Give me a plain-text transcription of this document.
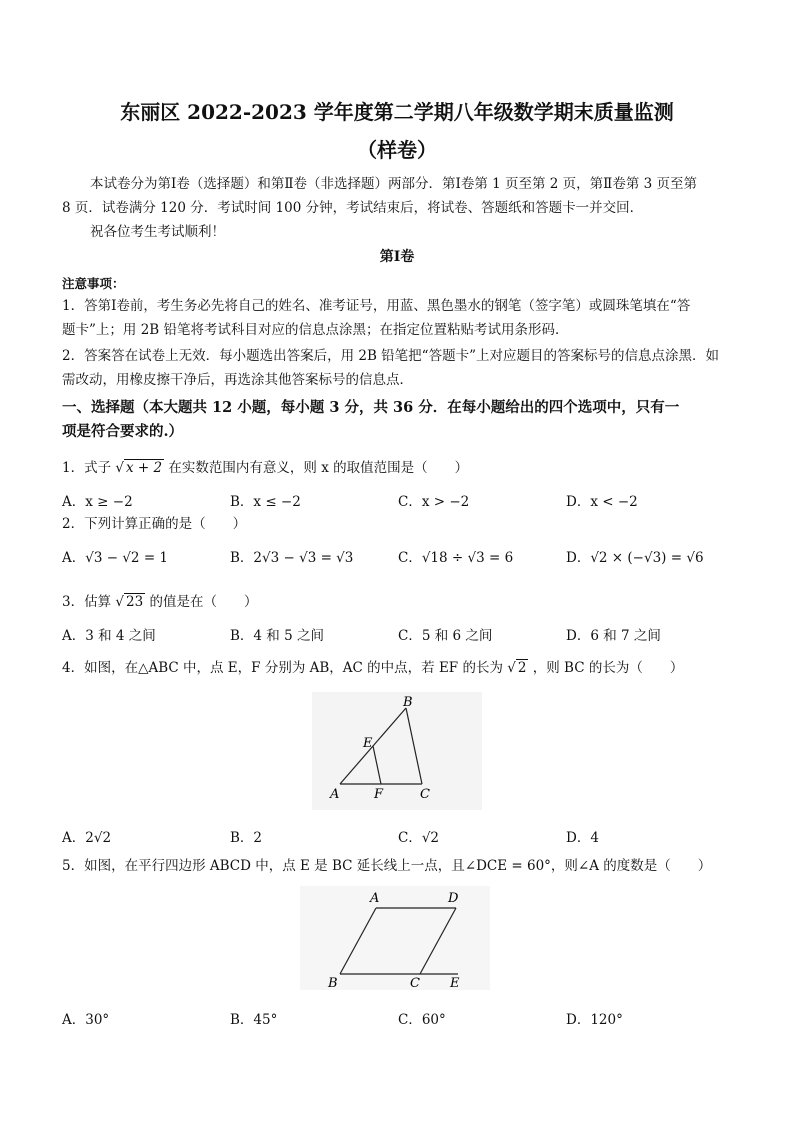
东丽区 2022-2023 学年度第二学期八年级数学期末质量监测
（样卷）
本试卷分为第Ⅰ卷（选择题）和第Ⅱ卷（非选择题）两部分．第Ⅰ卷第 1 页至第 2 页，第Ⅱ卷第 3 页至第
8 页．试卷满分 120 分．考试时间 100 分钟，考试结束后，将试卷、答题纸和答题卡一并交回．
祝各位考生考试顺利！
第Ⅰ卷
注意事项：
1．答第Ⅰ卷前，考生务必先将自己的姓名、准考证号，用蓝、黑色墨水的钢笔（签字笔）或圆珠笔填在“答
题卡”上；用 2B 铅笔将考试科目对应的信息点涂黑；在指定位置粘贴考试用条形码．
2．答案答在试卷上无效．每小题选出答案后，用 2B 铅笔把“答题卡”上对应题目的答案标号的信息点涂黑．如
需改动，用橡皮擦干净后，再选涂其他答案标号的信息点．
一、选择题（本大题共 12 小题，每小题 3 分，共 36 分．在每小题给出的四个选项中，只有一
项是符合要求的.）
1．式子 √ x + 2 在实数范围内有意义，则 x 的取值范围是（　　）
A．x ≥ −2	B．x ≤ −2	C．x > −2	D．x < −2
2．下列计算正确的是（　　）
A．√3 − √2 = 1	B．2√3 − √3 = √3	C．√18 ÷ √3 = 6	D．√2 × (−√3) = √6
3．估算 √ 23 的值是在（　　）
A．3 和 4 之间	B．4 和 5 之间	C．5 和 6 之间	D．6 和 7 之间
4．如图，在△ABC 中，点 E，F 分别为 AB，AC 的中点，若 EF 的长为 √ 2 ，则 BC 的长为（　　）
B
E
A	F	C
A．2√2	B．2	C．√2	D．4
5．如图，在平行四边形 ABCD 中，点 E 是 BC 延长线上一点，且∠DCE = 60°，则∠A 的度数是（　　）
A	D
B	C E
A．30°	B．45°	C．60°	D．120°
